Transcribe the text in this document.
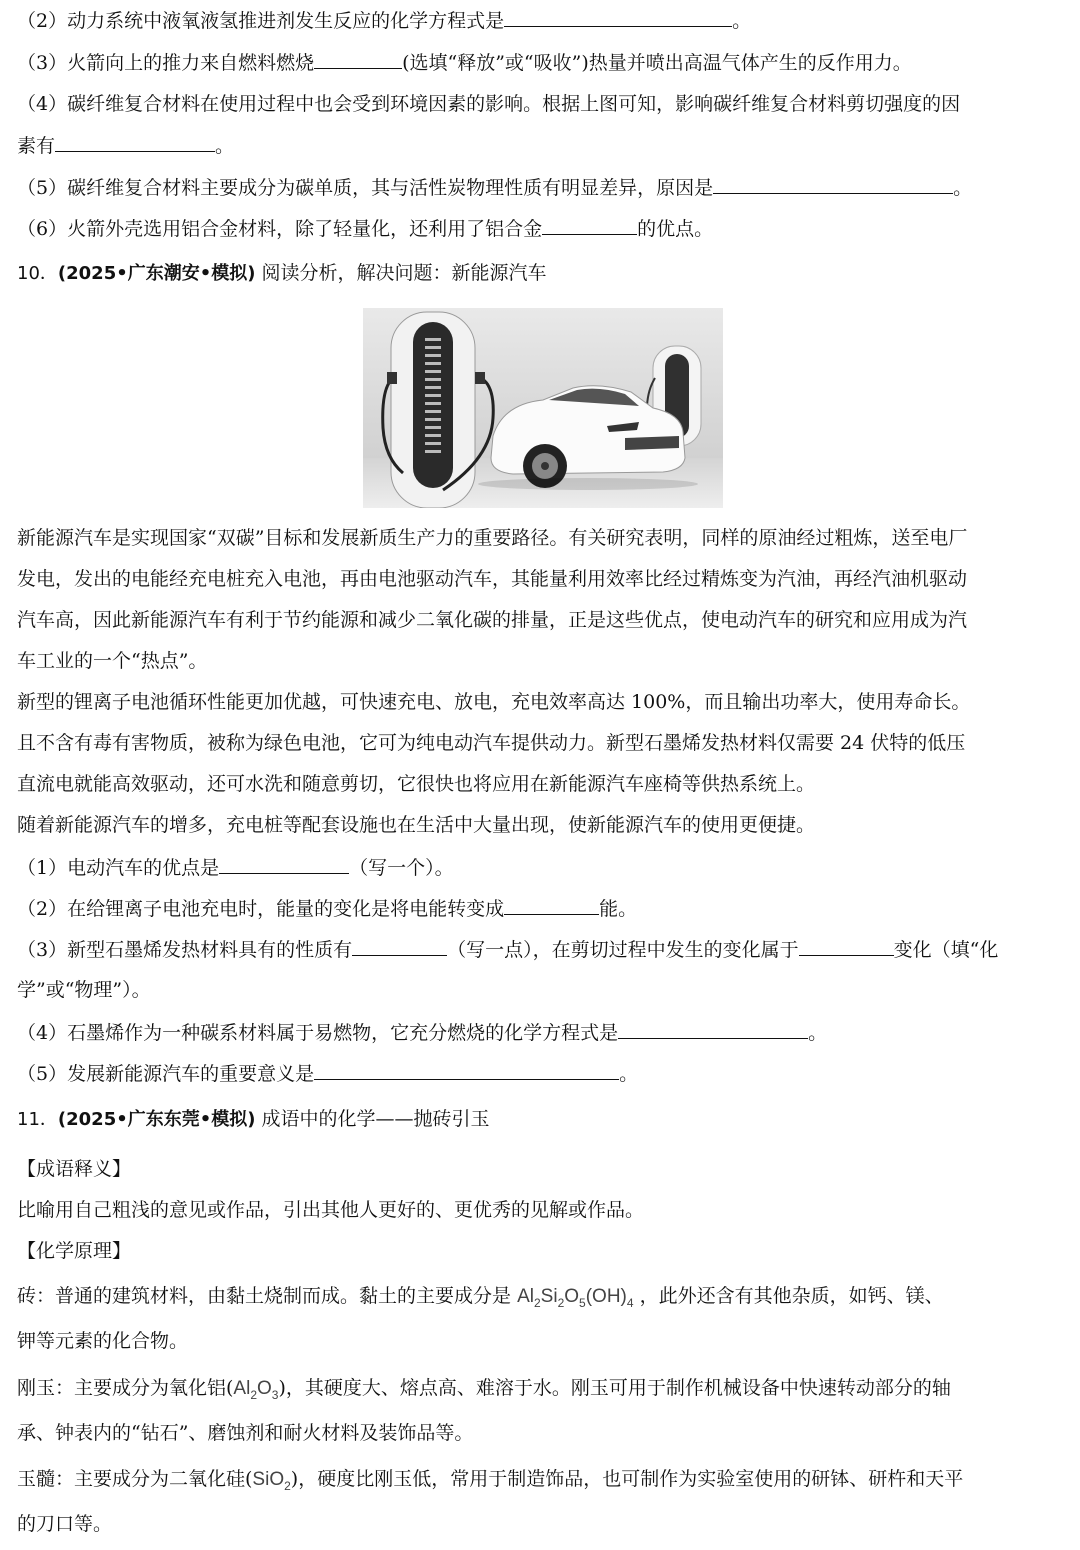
（2）动力系统中液氧液氢推进剂发生反应的化学方程式是	。
（3）火箭向上的推力来自燃料燃烧	(选填“释放”或“吸收”)热量并喷出高温气体产生的反作用力。
（4）碳纤维复合材料在使用过程中也会受到环境因素的影响。根据上图可知，影响碳纤维复合材料剪切强度的因
素有	。
（5）碳纤维复合材料主要成分为碳单质，其与活性炭物理性质有明显差异，原因是	。
（6）火箭外壳选用铝合金材料，除了轻量化，还利用了铝合金	的优点。
10．(2025•广东潮安•模拟) 阅读分析，解决问题：新能源汽车
新能源汽车是实现国家“双碳”目标和发展新质生产力的重要路径。有关研究表明，同样的原油经过粗炼，送至电厂
发电，发出的电能经充电桩充入电池，再由电池驱动汽车，其能量利用效率比经过精炼变为汽油，再经汽油机驱动
汽车高，因此新能源汽车有利于节约能源和减少二氧化碳的排量，正是这些优点，使电动汽车的研究和应用成为汽
车工业的一个“热点”。
新型的锂离子电池循环性能更加优越，可快速充电、放电，充电效率高达 100%，而且输出功率大，使用寿命长。
且不含有毒有害物质，被称为绿色电池，它可为纯电动汽车提供动力。新型石墨烯发热材料仅需要 24 伏特的低压
直流电就能高效驱动，还可水洗和随意剪切，它很快也将应用在新能源汽车座椅等供热系统上。
随着新能源汽车的增多，充电桩等配套设施也在生活中大量出现，使新能源汽车的使用更便捷。
（1）电动汽车的优点是	（写一个）。
（2）在给锂离子电池充电时，能量的变化是将电能转变成	能。
（3）新型石墨烯发热材料具有的性质有	（写一点），在剪切过程中发生的变化属于	变化（填“化
学”或“物理”）。
（4）石墨烯作为一种碳系材料属于易燃物，它充分燃烧的化学方程式是	。
（5）发展新能源汽车的重要意义是	。
11．(2025•广东东莞•模拟) 成语中的化学——抛砖引玉
【成语释义】
比喻用自己粗浅的意见或作品，引出其他人更好的、更优秀的见解或作品。
【化学原理】
砖：普通的建筑材料，由黏土烧制而成。黏土的主要成分是 $Al_2Si_2O_5(OH)_4$ ，此外还含有其他杂质，如钙、镁、
钾等元素的化合物。
刚玉：主要成分为氧化铝$(Al_2O_3)$，其硬度大、熔点高、难溶于水。刚玉可用于制作机械设备中快速转动部分的轴
承、钟表内的“钻石”、磨蚀剂和耐火材料及装饰品等。
玉髓：主要成分为二氧化硅(SiO$_2$)，硬度比刚玉低，常用于制造饰品，也可制作为实验室使用的研钵、研杵和天平
的刀口等。
